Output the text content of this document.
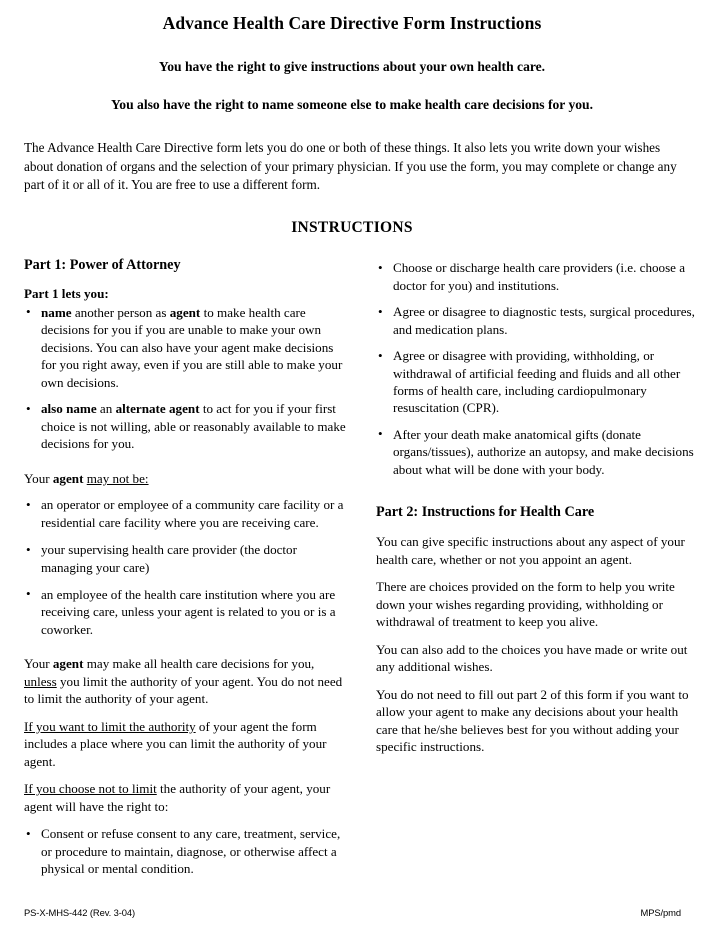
Advance Health Care Directive Form Instructions

You have the right to give instructions about your own health care.

You also have the right to name someone else to make health care decisions for you.

The Advance Health Care Directive form lets you do one or both of these things. It also lets you write down your wishes about donation of organs and the selection of your primary physician. If you use the form, you may complete or change any part of it or all of it. You are free to use a different form.

INSTRUCTIONS
Part 1: Power of Attorney

Part 1 lets you:

• name another person as agent to make health care decisions for you if you are unable to make your own decisions. You can also have your agent make decisions for you right away, even if you are still able to make your own decisions.
• also name an alternate agent to act for you if your first choice is not willing, able or reasonably available to make decisions for you.

Your agent may not be:

• an operator or employee of a community care facility or a residential care facility where you are receiving care.
• your supervising health care provider (the doctor managing your care)
• an employee of the health care institution where you are receiving care, unless your agent is related to you or is a coworker.

Your agent may make all health care decisions for you, unless you limit the authority of your agent. You do not need to limit the authority of your agent.

If you want to limit the authority of your agent the form includes a place where you can limit the authority of your agent.

If you choose not to limit the authority of your agent, your agent will have the right to:

• Consent or refuse consent to any care, treatment, service, or procedure to maintain, diagnose, or otherwise affect a physical or mental condition.
• Choose or discharge health care providers (i.e. choose a doctor for you) and institutions.
• Agree or disagree to diagnostic tests, surgical procedures, and medication plans.
• Agree or disagree with providing, withholding, or withdrawal of artificial feeding and fluids and all other forms of health care, including cardiopulmonary resuscitation (CPR).
• After your death make anatomical gifts (donate organs/tissues), authorize an autopsy, and make decisions about what will be done with your body.
Part 2: Instructions for Health Care

You can give specific instructions about any aspect of your health care, whether or not you appoint an agent.

There are choices provided on the form to help you write down your wishes regarding providing, withholding or withdrawal of treatment to keep you alive.

You can also add to the choices you have made or write out any additional wishes.

You do not need to fill out part 2 of this form if you want to allow your agent to make any decisions about your health care that he/she believes best for you without adding your specific instructions.

PS-X-MHS-442 (Rev. 3-04)	MPS/pmd
